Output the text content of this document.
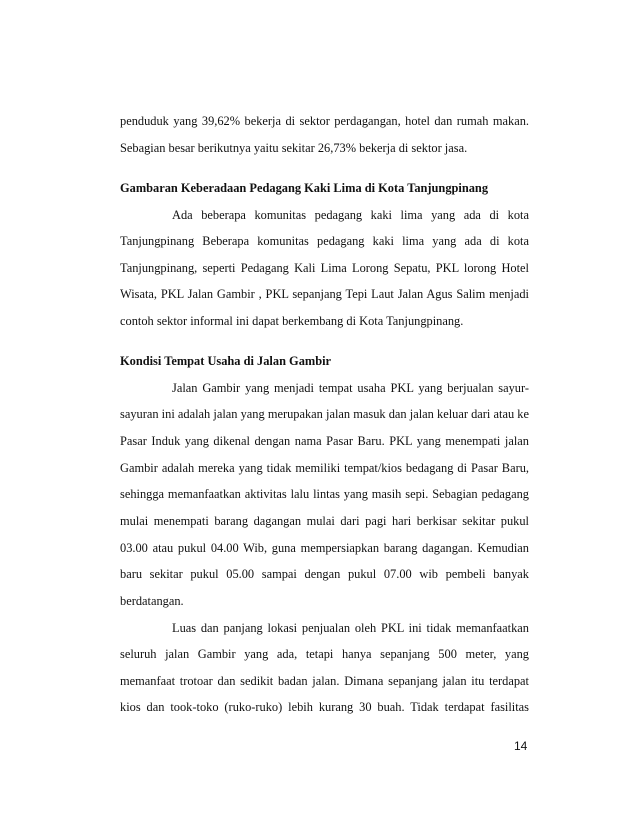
penduduk yang 39,62% bekerja di sektor perdagangan, hotel dan rumah makan.
Sebagian besar berikutnya yaitu sekitar 26,73% bekerja di sektor jasa.
Gambaran Keberadaan Pedagang Kaki Lima di Kota Tanjungpinang
Ada beberapa komunitas pedagang kaki lima yang ada di kota
Tanjungpinang Beberapa komunitas pedagang kaki lima yang ada di kota
Tanjungpinang, seperti Pedagang Kali Lima Lorong Sepatu, PKL lorong Hotel
Wisata, PKL Jalan Gambir , PKL sepanjang Tepi Laut Jalan Agus Salim menjadi
contoh sektor informal ini dapat berkembang di Kota Tanjungpinang.
Kondisi Tempat Usaha di Jalan Gambir
Jalan Gambir yang menjadi tempat usaha PKL yang berjualan sayur-
sayuran ini adalah jalan yang merupakan jalan masuk dan jalan keluar dari atau ke
Pasar Induk yang dikenal dengan nama Pasar Baru. PKL yang menempati jalan
Gambir adalah mereka yang tidak memiliki tempat/kios bedagang di Pasar Baru,
sehingga memanfaatkan aktivitas lalu lintas yang masih sepi. Sebagian pedagang
mulai menempati barang dagangan mulai dari pagi hari berkisar sekitar pukul
03.00 atau pukul 04.00 Wib, guna mempersiapkan barang dagangan. Kemudian
baru sekitar pukul 05.00 sampai dengan pukul 07.00 wib pembeli banyak
berdatangan.
Luas dan panjang lokasi penjualan oleh PKL ini tidak memanfaatkan
seluruh jalan Gambir yang ada, tetapi hanya sepanjang 500 meter, yang
memanfaat trotoar dan sedikit badan jalan. Dimana sepanjang jalan itu terdapat
kios dan took-toko (ruko-ruko) lebih kurang 30 buah. Tidak terdapat fasilitas
14
